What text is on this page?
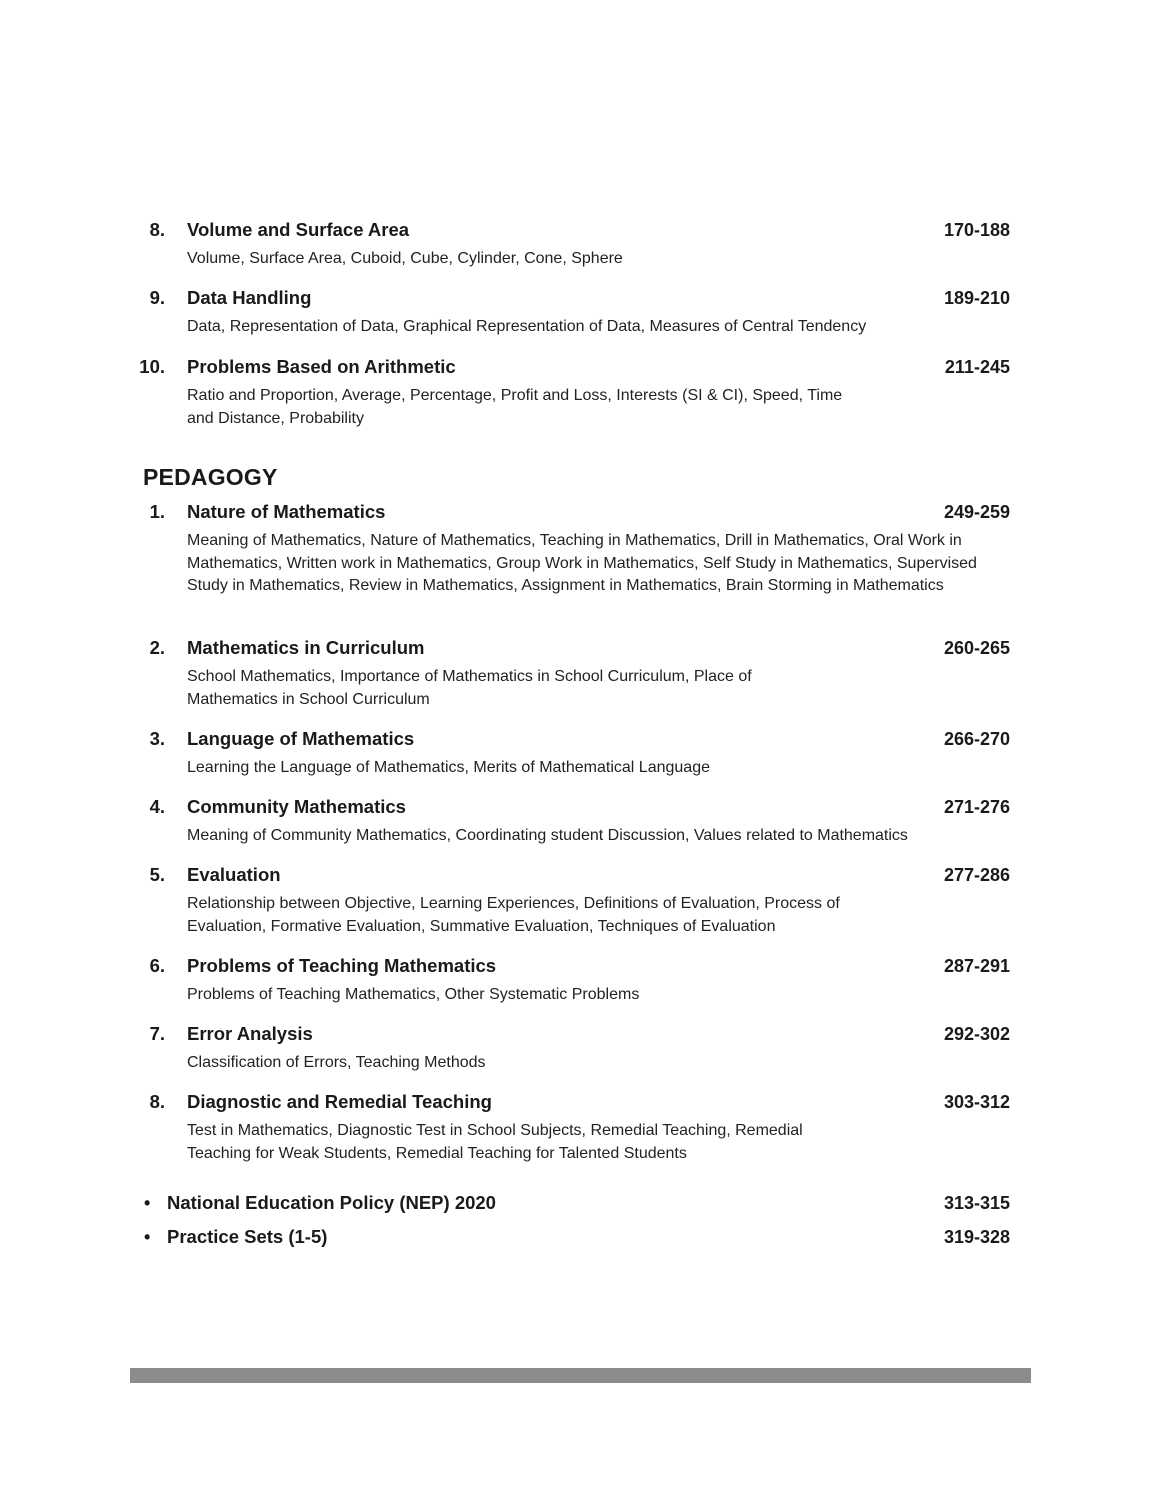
8. Volume and Surface Area	170-188
Volume, Surface Area, Cuboid, Cube, Cylinder, Cone, Sphere
9. Data Handling	189-210
Data, Representation of Data, Graphical Representation of Data, Measures of Central Tendency
10. Problems Based on Arithmetic	211-245
Ratio and Proportion, Average, Percentage, Profit and Loss, Interests (SI & CI), Speed, Time and Distance, Probability
PEDAGOGY
1. Nature of Mathematics	249-259
Meaning of Mathematics, Nature of Mathematics, Teaching in Mathematics, Drill in Mathematics, Oral Work in Mathematics, Written work in Mathematics, Group Work in Mathematics, Self Study in Mathematics, Supervised Study in Mathematics, Review in Mathematics, Assignment in Mathematics, Brain Storming in Mathematics
2. Mathematics in Curriculum	260-265
School Mathematics, Importance of Mathematics in School Curriculum, Place of Mathematics in School Curriculum
3. Language of Mathematics	266-270
Learning the Language of Mathematics, Merits of Mathematical Language
4. Community Mathematics	271-276
Meaning of Community Mathematics, Coordinating student Discussion, Values related to Mathematics
5. Evaluation	277-286
Relationship between Objective, Learning Experiences, Definitions of Evaluation, Process of Evaluation, Formative Evaluation, Summative Evaluation, Techniques of Evaluation
6. Problems of Teaching Mathematics	287-291
Problems of Teaching Mathematics, Other Systematic Problems
7. Error Analysis	292-302
Classification of Errors, Teaching Methods
8. Diagnostic and Remedial Teaching	303-312
Test in Mathematics, Diagnostic Test in School Subjects, Remedial Teaching, Remedial Teaching for Weak Students, Remedial Teaching for Talented Students
• National Education Policy (NEP) 2020	313-315
• Practice Sets (1-5)	319-328
